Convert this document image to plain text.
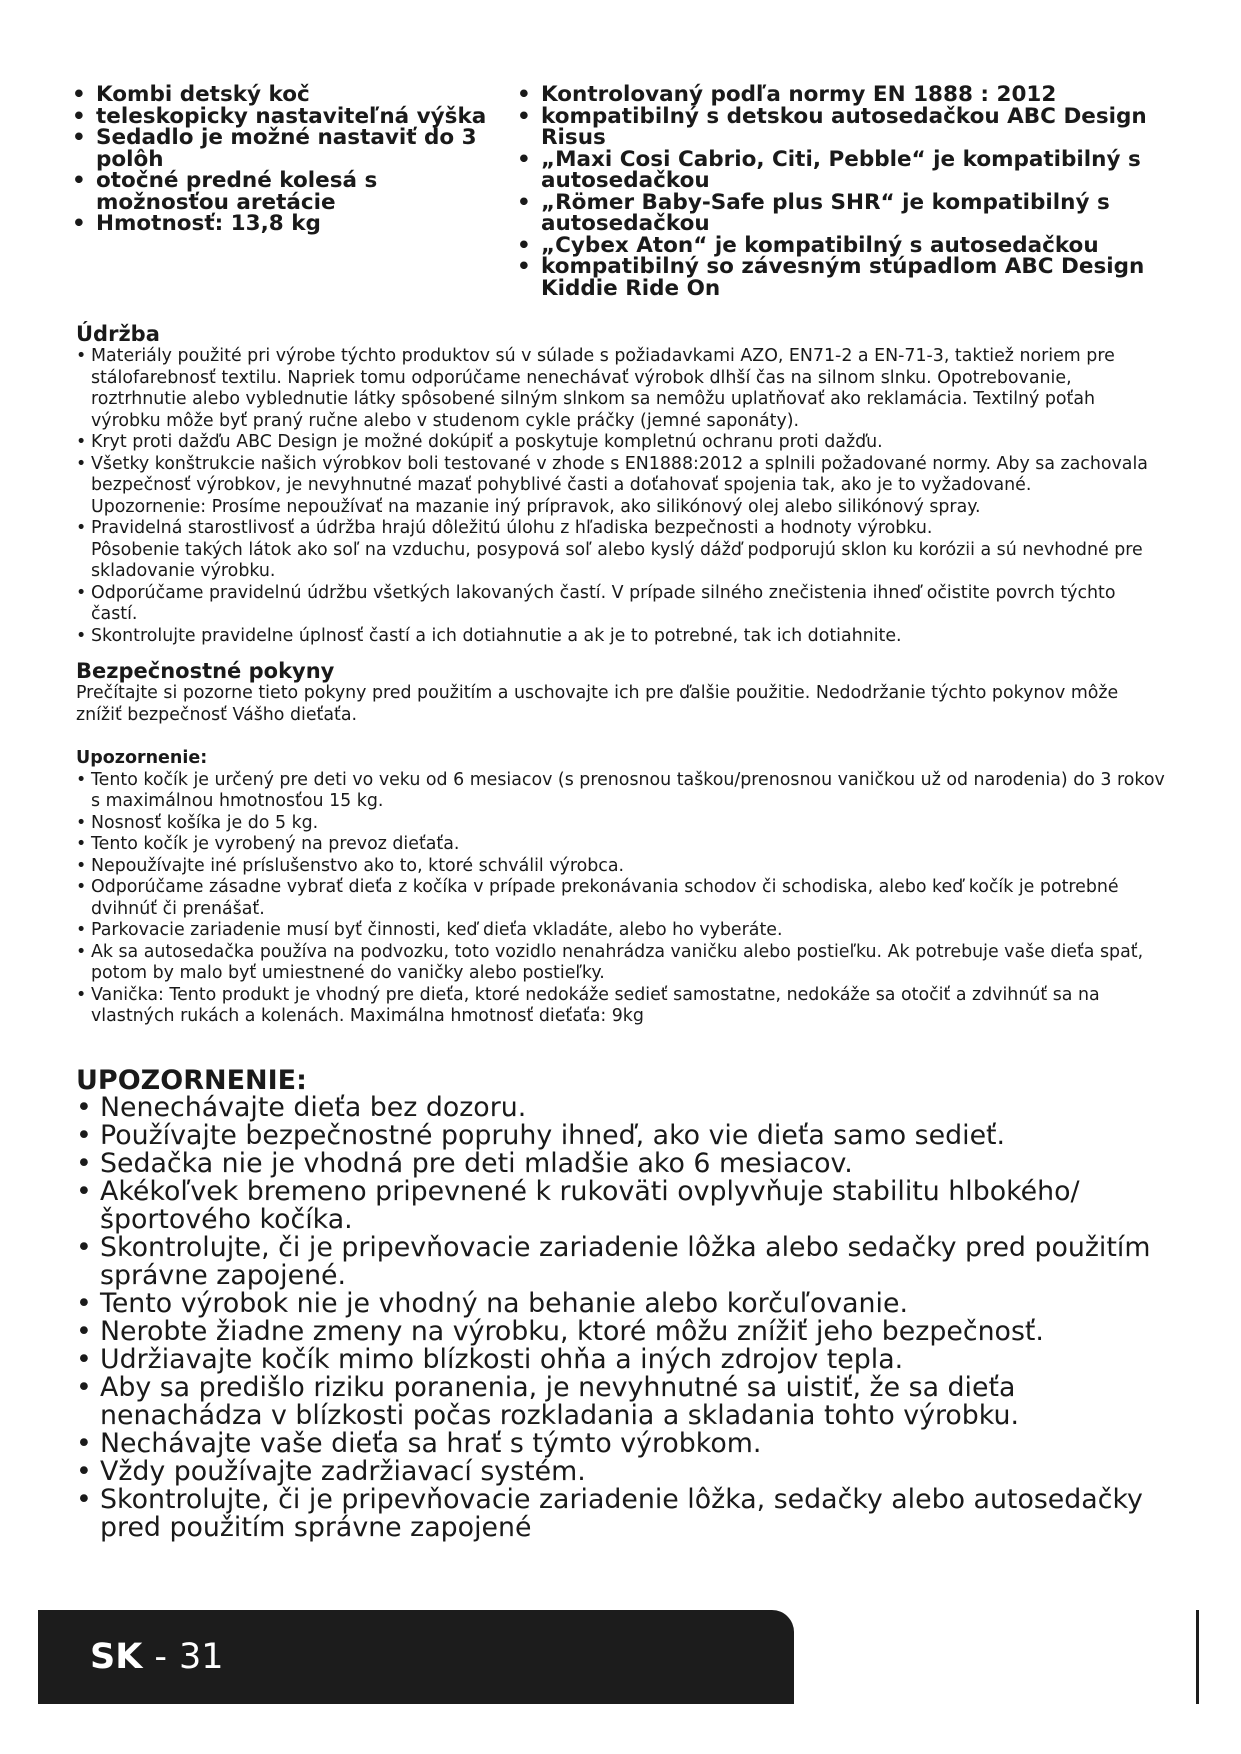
• Kombi detský koč
• teleskopicky nastaviteľná výška
• Sedadlo je možné nastaviť do 3 polôh
• otočné predné kolesá s možnosťou aretácie
• Hmotnosť: 13,8 kg
• Kontrolovaný podľa normy EN 1888 : 2012
• kompatibilný s detskou autosedačkou ABC Design Risus
• „Maxi Cosi Cabrio, Citi, Pebble“ je kompatibilný s autosedačkou
• „Römer Baby-Safe plus SHR“ je kompatibilný s autosedačkou
• „Cybex Aton“ je kompatibilný s autosedačkou
• kompatibilný so závesným stúpadlom ABC Design Kiddie Ride On
Údržba
• Materiály použité pri výrobe týchto produktov sú v súlade s požiadavkami AZO, EN71-2 a EN-71-3, taktiež noriem pre stálofarebnosť textilu. Napriek tomu odporúčame nenechávať výrobok dlhší čas na silnom slnku. Opotrebovanie, roztrhnutie alebo vyblednutie látky spôsobené silným slnkom sa nemôžu uplatňovať ako reklamácia. Textilný poťah výrobku môže byť praný ručne alebo v studenom cykle práčky (jemné saponáty).
• Kryt proti dažďu ABC Design je možné dokúpiť a poskytuje kompletnú ochranu proti dažďu.
• Všetky konštrukcie našich výrobkov boli testované v zhode s EN1888:2012 a splnili požadované normy. Aby sa zachovala bezpečnosť výrobkov, je nevyhnutné mazať pohyblivé časti a doťahovať spojenia tak, ako je to vyžadované.
Upozornenie: Prosíme nepoužívať na mazanie iný prípravok, ako silikónový olej alebo silikónový spray.
• Pravidelná starostlivosť a údržba hrajú dôležitú úlohu z hľadiska bezpečnosti a hodnoty výrobku.
Pôsobenie takých látok ako soľ na vzduchu, posypová soľ alebo kyslý dážď podporujú sklon ku korózii a sú nevhodné pre skladovanie výrobku.
• Odporúčame pravidelnú údržbu všetkých lakovaných častí. V prípade silného znečistenia ihneď očistite povrch týchto častí.
• Skontrolujte pravidelne úplnosť častí a ich dotiahnutie a ak je to potrebné, tak ich dotiahnite.
Bezpečnostné pokyny

Prečítajte si pozorne tieto pokyny pred použitím a uschovajte ich pre ďalšie použitie. Nedodržanie týchto pokynov môže znížiť bezpečnosť Vášho dieťaťa.

Upozornenie:
• Tento kočík je určený pre deti vo veku od 6 mesiacov (s prenosnou taškou/prenosnou vaničkou už od narodenia) do 3 rokov s maximálnou hmotnosťou 15 kg.
• Nosnosť košíka je do 5 kg.
• Tento kočík je vyrobený na prevoz dieťaťa.
• Nepoužívajte iné príslušenstvo ako to, ktoré schválil výrobca.
• Odporúčame zásadne vybrať dieťa z kočíka v prípade prekonávania schodov či schodiska, alebo keď kočík je potrebné dvihnúť či prenášať.
• Parkovacie zariadenie musí byť činnosti, keď dieťa vkladáte, alebo ho vyberáte.
• Ak sa autosedačka používa na podvozku, toto vozidlo nenahrádza vaničku alebo postieľku. Ak potrebuje vaše dieťa spať, potom by malo byť umiestnené do vaničky alebo postieľky.
• Vanička: Tento produkt je vhodný pre dieťa, ktoré nedokáže sedieť samostatne, nedokáže sa otočiť a zdvihnúť sa na vlastných rukách a kolenách. Maximálna hmotnosť dieťaťa: 9kg
UPOZORNENIE:
• Nenechávajte dieťa bez dozoru.
• Používajte bezpečnostné popruhy ihneď, ako vie dieťa samo sedieť.
• Sedačka nie je vhodná pre deti mladšie ako 6 mesiacov.
• Akékoľvek bremeno pripevnené k rukoväti ovplyvňuje stabilitu hlbokého/ športového kočíka.
• Skontrolujte, či je pripevňovacie zariadenie lôžka alebo sedačky pred použitím správne zapojené.
• Tento výrobok nie je vhodný na behanie alebo korčuľovanie.
• Nerobte žiadne zmeny na výrobku, ktoré môžu znížiť jeho bezpečnosť.
• Udržiavajte kočík mimo blízkosti ohňa a iných zdrojov tepla.
• Aby sa predišlo riziku poranenia, je nevyhnutné sa uistiť, že sa dieťa nenachádza v blízkosti počas rozkladania a skladania tohto výrobku.
• Nechávajte vaše dieťa sa hrať s týmto výrobkom.
• Vždy používajte zadržiavací systém.
• Skontrolujte, či je pripevňovacie zariadenie lôžka, sedačky alebo autosedačky pred použitím správne zapojené
SK - 31
